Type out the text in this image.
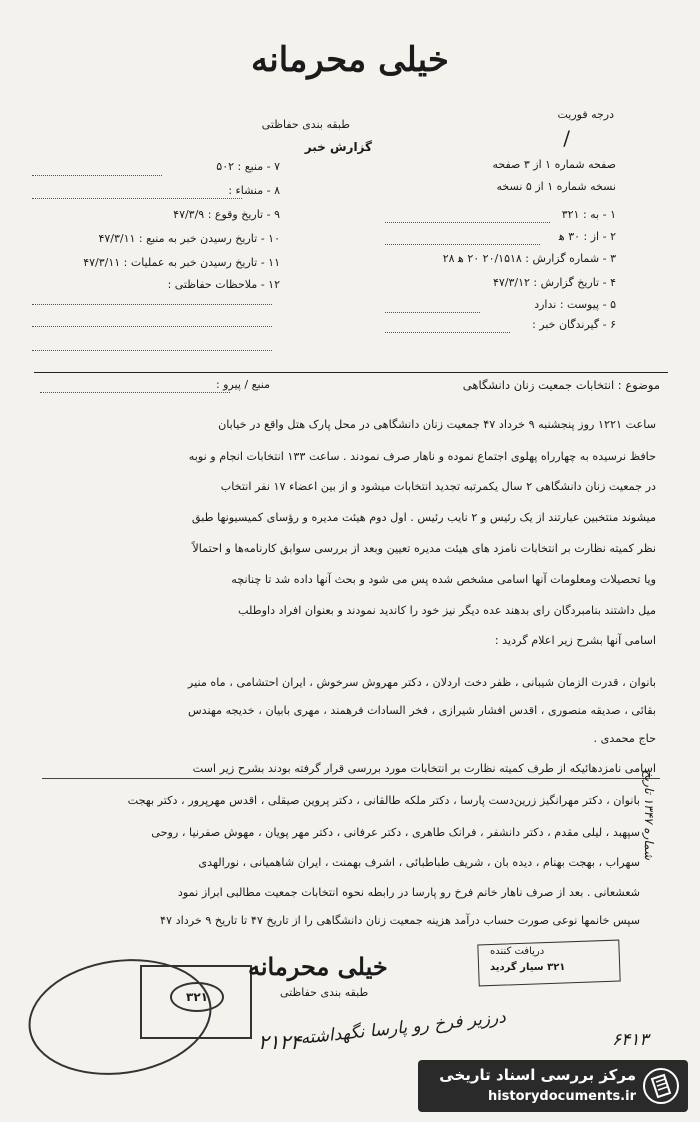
خیلی محرمانه
درجه فوریت
/
طبقه بندی حفاظتی
گزارش خبر
صفحه شماره ۱ از ۳ صفحه
نسخه شماره ۱ از ۵ نسخه
۱ - به : ۳۲۱
۲ - از : ۳۰ ه‍
۳ - شماره گزارش : ۲۰/۱۵۱۸ ۲۰ ه‍ ۲۸
۴ - تاریخ گزارش : ۴۷/۳/۱۲
۵ - پیوست : ندارد
۶ - گیرندگان خبر :
۷ - منبع : ۵۰۲
۸ - منشاء :
۹ - تاریخ وقوع : ۴۷/۳/۹
۱۰ - تاریخ رسیدن خبر به منبع : ۴۷/۳/۱۱
۱۱ - تاریخ رسیدن خبر به عملیات : ۴۷/۳/۱۱
۱۲ - ملاحظات حفاظتی :
موضوع : انتخابات جمعیت زنان دانشگاهی
منبع / پیرو :
ساعت ۱۲۲۱ روز پنجشنبه ۹ خرداد ۴۷ جمعیت زنان دانشگاهی در محل پارک هتل واقع در خیابان
حافظ نرسیده به چهارراه پهلوی اجتماع نموده و ناهار صرف نمودند . ساعت ۱۳۳ انتخابات انجام و نوبه
در جمعیت زنان دانشگاهی ۲ سال یکمرتبه تجدید انتخابات میشود و از بین اعضاء ۱۷ نفر انتخاب
میشوند منتخبین عبارتند از یک رئیس و ۲ نایب رئیس . اول دوم هیئت مدیره و رؤسای کمیسیونها طبق
نظر کمیته نظارت بر انتخابات نامزد های هیئت مدیره تعیین وبعد از بررسی سوابق کارنامه‌ها و احتمالاً
ویا تحصیلات ومعلومات آنها اسامی مشخص شده پس می شود و بحث آنها داده شد تا چنانچه
میل داشتند بنامبردگان رای بدهند عده دیگر نیز خود را کاندید نمودند و بعنوان افراد داوطلب
اسامی آنها بشرح زیر اعلام گردید :
بانوان ، قدرت الزمان شیبانی ، ظفر دخت اردلان ، دکتر مهروش سرخوش ، ایران احتشامی ، ماه منیر
بقائی ، صدیقه منصوری ، اقدس افشار شیرازی ، فخر السادات فرهمند ، مهری بابیان ، خدیجه مهندس
حاج محمدی .
اسامی نامزدهائیکه از طرف کمیته نظارت بر انتخابات مورد بررسی قرار گرفته بودند بشرح زیر است
بانوان ، دکتر مهرانگیز زرین‌دست پارسا ، دکتر ملکه طالقانی ، دکتر پروین صیقلی ، اقدس مهرپرور ، دکتر بهجت
سپهبد ، لیلی مقدم ، دکتر دانشفر ، فرانک طاهری ، دکتر عرفانی ، دکتر مهر پویان ، مهوش صفرنیا ، روحی
سهراب ، بهجت بهنام ، دیده بان ، شریف طباطبائی ، اشرف بهمنت ، ایران شاهمیانی ، نورالهدی
شعشعانی . بعد از صرف ناهار خانم فرخ رو پارسا در رابطه نحوه انتخابات جمعیت مطالبی ابراز نمود
سپس خانمها نوعی صورت حساب درآمد هزینه جمعیت زنان دانشگاهی را از تاریخ ۴۷ تا تاریخ ۹ خرداد ۴۷
شماره ۱۳۴۷ تاریخ
۳۲۱
خیلی محرمانه
طبقه بندی حفاظتی
دریافت کننده
۳۲۱ سیار گردید
درزیر فرخ رو پارسا نگهداشته
۲۱۲۴	۶۴۱۳
مرکز بررسی اسناد تاریخی
historydocuments.ir
